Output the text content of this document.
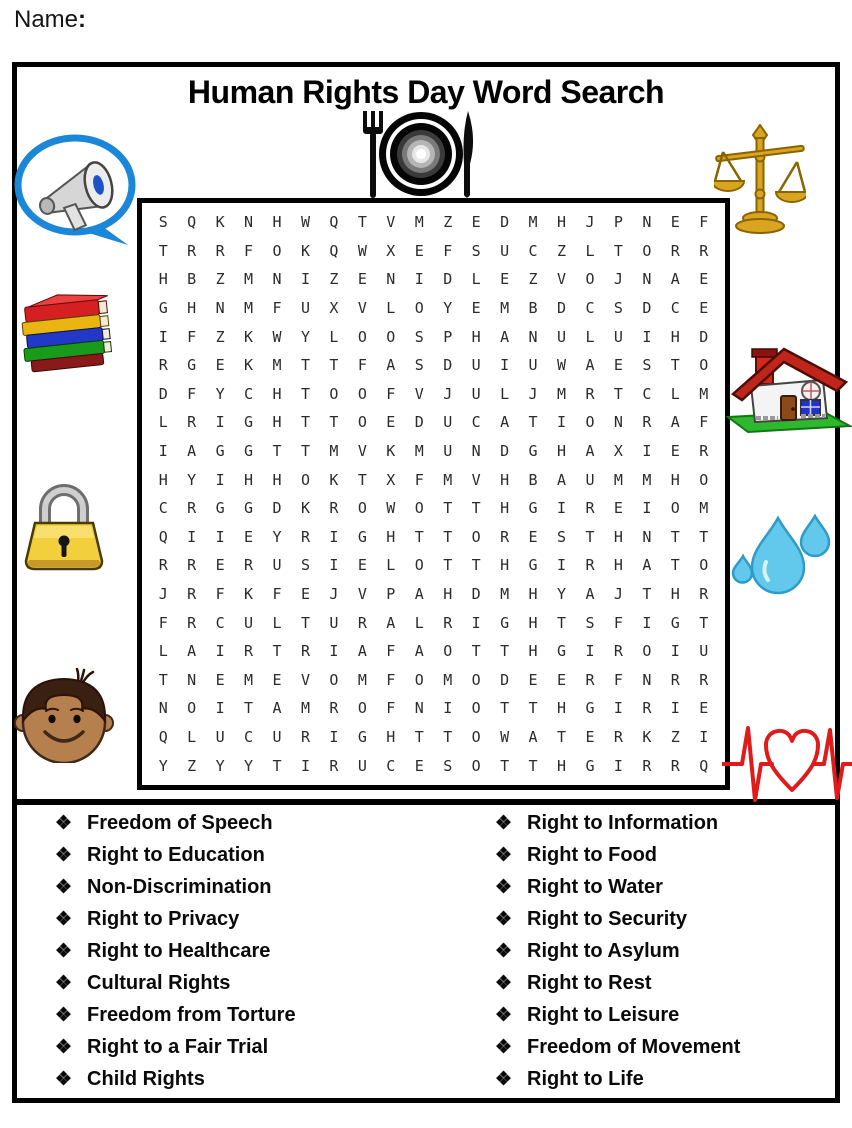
Name:
Human Rights Day Word Search
S	Q	K	N	H	W	Q	T	V	M	Z	E	D	M	H	J	P	N	E	F
T	R	R	F	O	K	Q	W	X	E	F	S	U	C	Z	L	T	O	R	R
H	B	Z	M	N	I	Z	E	N	I	D	L	E	Z	V	O	J	N	A	E
G	H	N	M	F	U	X	V	L	O	Y	E	M	B	D	C	S	D	C	E
I	F	Z	K	W	Y	L	O	O	S	P	H	A	N	U	L	U	I	H	D
R	G	E	K	M	T	T	F	A	S	D	U	I	U	W	A	E	S	T	O
D	F	Y	C	H	T	O	O	F	V	J	U	L	J	M	R	T	C	L	M
L	R	I	G	H	T	T	O	E	D	U	C	A	T	I	O	N	R	A	F
I	A	G	G	T	T	M	V	K	M	U	N	D	G	H	A	X	I	E	R
H	Y	I	H	H	O	K	T	X	F	M	V	H	B	A	U	M	M	H	O
C	R	G	G	D	K	R	O	W	O	T	T	H	G	I	R	E	I	O	M
Q	I	I	E	Y	R	I	G	H	T	T	O	R	E	S	T	H	N	T	T
R	R	E	R	U	S	I	E	L	O	T	T	H	G	I	R	H	A	T	O
J	R	F	K	F	E	J	V	P	A	H	D	M	H	Y	A	J	T	H	R
F	R	C	U	L	T	U	R	A	L	R	I	G	H	T	S	F	I	G	T
L	A	I	R	T	R	I	A	F	A	O	T	T	H	G	I	R	O	I	U
T	N	E	M	E	V	O	M	F	O	M	O	D	E	E	R	F	N	R	R
N	O	I	T	A	M	R	O	F	N	I	O	T	T	H	G	I	R	I	E
Q	L	U	C	U	R	I	G	H	T	T	O	W	A	T	E	R	K	Z	I
Y	Z	Y	Y	T	I	R	U	C	E	S	O	T	T	H	G	I	R	R	Q
❖ Freedom of Speech
❖ Right to Education
❖ Non-Discrimination
❖ Right to Privacy
❖ Right to Healthcare
❖ Cultural Rights
❖ Freedom from Torture
❖ Right to a Fair Trial
❖ Child Rights
❖ Right to Information
❖ Right to Food
❖ Right to Water
❖ Right to Security
❖ Right to Asylum
❖ Right to Rest
❖ Right to Leisure
❖ Freedom of Movement
❖ Right to Life
